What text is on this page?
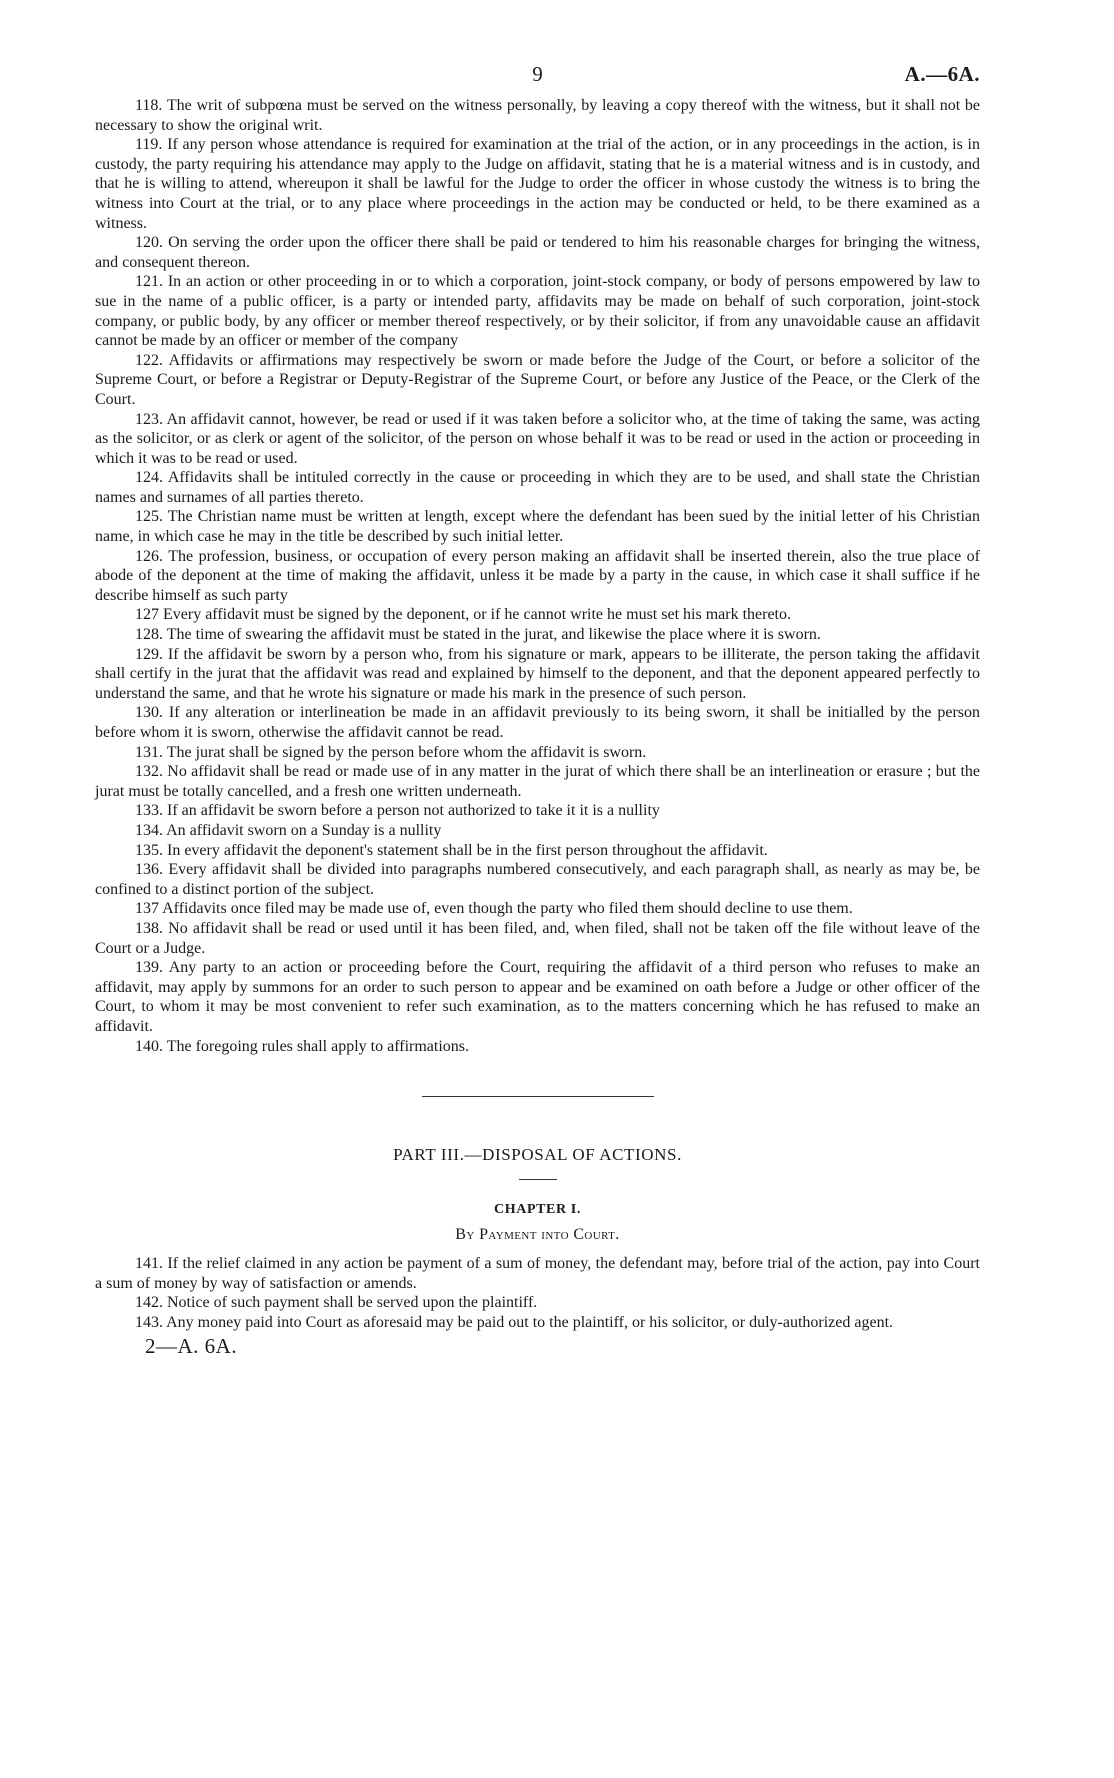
9	A.—6A.

118. The writ of subpœna must be served on the witness personally, by leaving a copy thereof with the witness, but it shall not be necessary to show the original writ.

119. If any person whose attendance is required for examination at the trial of the action, or in any proceedings in the action, is in custody, the party requiring his attendance may apply to the Judge on affidavit, stating that he is a material witness and is in custody, and that he is willing to attend, whereupon it shall be lawful for the Judge to order the officer in whose custody the witness is to bring the witness into Court at the trial, or to any place where proceedings in the action may be conducted or held, to be there examined as a witness.

120. On serving the order upon the officer there shall be paid or tendered to him his reasonable charges for bringing the witness, and consequent thereon.

121. In an action or other proceeding in or to which a corporation, joint-stock company, or body of persons empowered by law to sue in the name of a public officer, is a party or intended party, affidavits may be made on behalf of such corporation, joint-stock company, or public body, by any officer or member thereof respectively, or by their solicitor, if from any unavoidable cause an affidavit cannot be made by an officer or member of the company

122. Affidavits or affirmations may respectively be sworn or made before the Judge of the Court, or before a solicitor of the Supreme Court, or before a Registrar or Deputy-Registrar of the Supreme Court, or before any Justice of the Peace, or the Clerk of the Court.

123. An affidavit cannot, however, be read or used if it was taken before a solicitor who, at the time of taking the same, was acting as the solicitor, or as clerk or agent of the solicitor, of the person on whose behalf it was to be read or used in the action or proceeding in which it was to be read or used.

124. Affidavits shall be intituled correctly in the cause or proceeding in which they are to be used, and shall state the Christian names and surnames of all parties thereto.

125. The Christian name must be written at length, except where the defendant has been sued by the initial letter of his Christian name, in which case he may in the title be described by such initial letter.

126. The profession, business, or occupation of every person making an affidavit shall be inserted therein, also the true place of abode of the deponent at the time of making the affidavit, unless it be made by a party in the cause, in which case it shall suffice if he describe himself as such party

127 Every affidavit must be signed by the deponent, or if he cannot write he must set his mark thereto.

128. The time of swearing the affidavit must be stated in the jurat, and likewise the place where it is sworn.

129. If the affidavit be sworn by a person who, from his signature or mark, appears to be illiterate, the person taking the affidavit shall certify in the jurat that the affidavit was read and explained by himself to the deponent, and that the deponent appeared perfectly to understand the same, and that he wrote his signature or made his mark in the presence of such person.

130. If any alteration or interlineation be made in an affidavit previously to its being sworn, it shall be initialled by the person before whom it is sworn, otherwise the affidavit cannot be read.

131. The jurat shall be signed by the person before whom the affidavit is sworn.

132. No affidavit shall be read or made use of in any matter in the jurat of which there shall be an interlineation or erasure ; but the jurat must be totally cancelled, and a fresh one written underneath.

133. If an affidavit be sworn before a person not authorized to take it it is a nullity

134. An affidavit sworn on a Sunday is a nullity

135. In every affidavit the deponent's statement shall be in the first person throughout the affidavit.

136. Every affidavit shall be divided into paragraphs numbered consecutively, and each paragraph shall, as nearly as may be, be confined to a distinct portion of the subject.

137 Affidavits once filed may be made use of, even though the party who filed them should decline to use them.

138. No affidavit shall be read or used until it has been filed, and, when filed, shall not be taken off the file without leave of the Court or a Judge.

139. Any party to an action or proceeding before the Court, requiring the affidavit of a third person who refuses to make an affidavit, may apply by summons for an order to such person to appear and be examined on oath before a Judge or other officer of the Court, to whom it may be most convenient to refer such examination, as to the matters concerning which he has refused to make an affidavit.

140. The foregoing rules shall apply to affirmations.

PART III.—DISPOSAL OF ACTIONS.
CHAPTER I.
By Payment into Court.

141. If the relief claimed in any action be payment of a sum of money, the defendant may, before trial of the action, pay into Court a sum of money by way of satisfaction or amends.

142. Notice of such payment shall be served upon the plaintiff.

143. Any money paid into Court as aforesaid may be paid out to the plaintiff, or his solicitor, or duly-authorized agent.

2—A. 6A.
